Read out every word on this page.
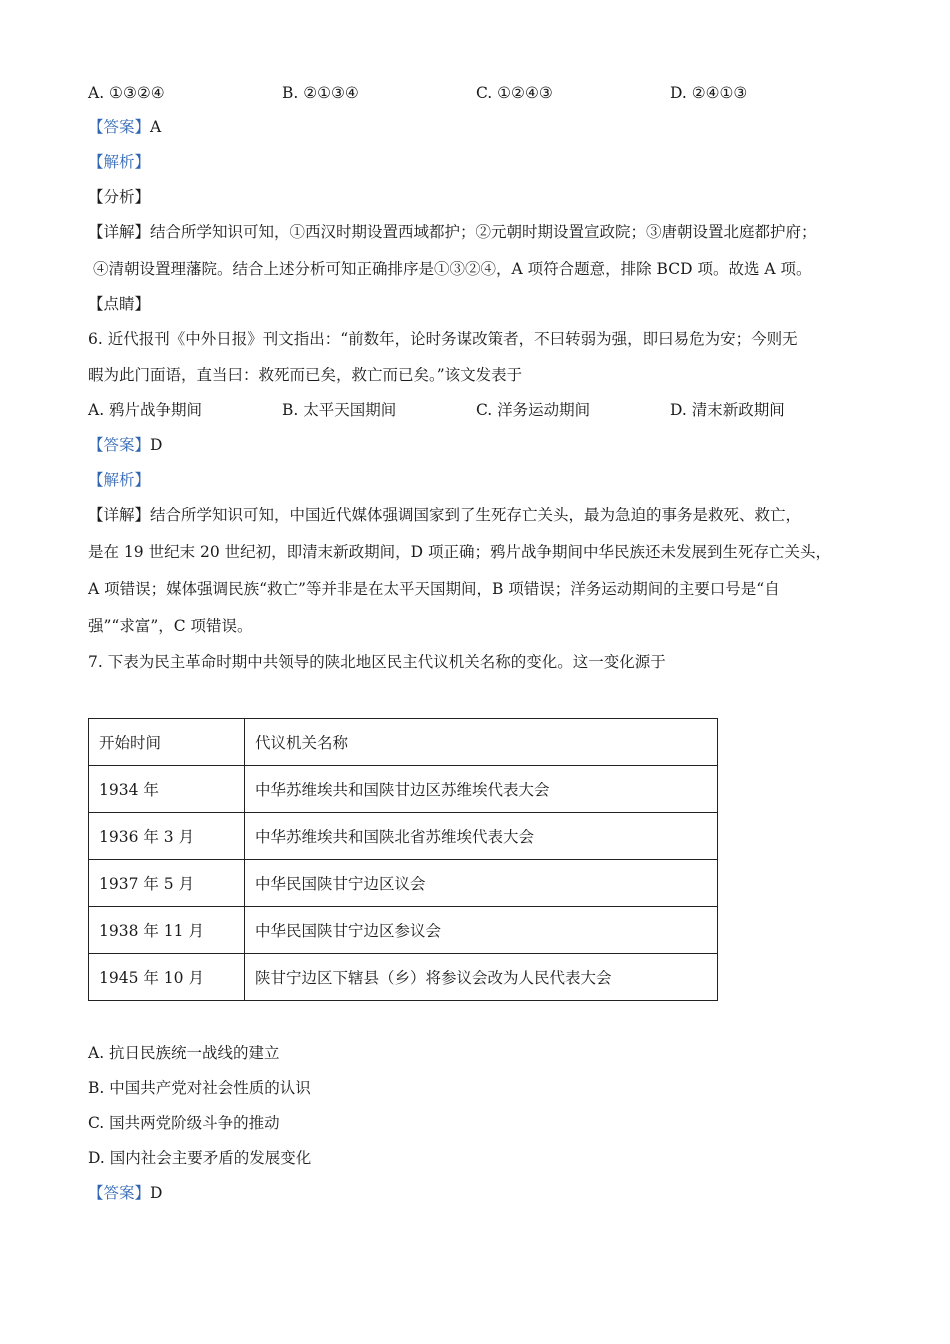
A. ①③②④	B. ②①③④	C. ①②④③	D. ②④①③
【答案】A
【解析】
【分析】
【详解】结合所学知识可知，①西汉时期设置西域都护；②元朝时期设置宣政院；③唐朝设置北庭都护府；
④清朝设置理藩院。结合上述分析可知正确排序是①③②④，A 项符合题意，排除 BCD 项。故选 A 项。
【点睛】
6. 近代报刊《中外日报》刊文指出：“前数年，论时务谋改策者，不曰转弱为强，即曰易危为安；今则无
暇为此门面语，直当曰：救死而已矣，救亡而已矣。”该文发表于
A. 鸦片战争期间	B. 太平天国期间	C. 洋务运动期间	D. 清末新政期间
【答案】D
【解析】
【详解】结合所学知识可知，中国近代媒体强调国家到了生死存亡关头，最为急迫的事务是救死、救亡，
是在 19 世纪末 20 世纪初，即清末新政期间，D 项正确；鸦片战争期间中华民族还未发展到生死存亡关头，
A 项错误；媒体强调民族“救亡”等并非是在太平天国期间，B 项错误；洋务运动期间的主要口号是“自
强”“求富”，C 项错误。
7. 下表为民主革命时期中共领导的陕北地区民主代议机关名称的变化。这一变化源于
开始时间	代议机关名称
1934 年	中华苏维埃共和国陕甘边区苏维埃代表大会
1936 年 3 月	中华苏维埃共和国陕北省苏维埃代表大会
1937 年 5 月	中华民国陕甘宁边区议会
1938 年 11 月	中华民国陕甘宁边区参议会
1945 年 10 月	陕甘宁边区下辖县（乡）将参议会改为人民代表大会
A. 抗日民族统一战线的建立
B. 中国共产党对社会性质的认识
C. 国共两党阶级斗争的推动
D. 国内社会主要矛盾的发展变化
【答案】D
